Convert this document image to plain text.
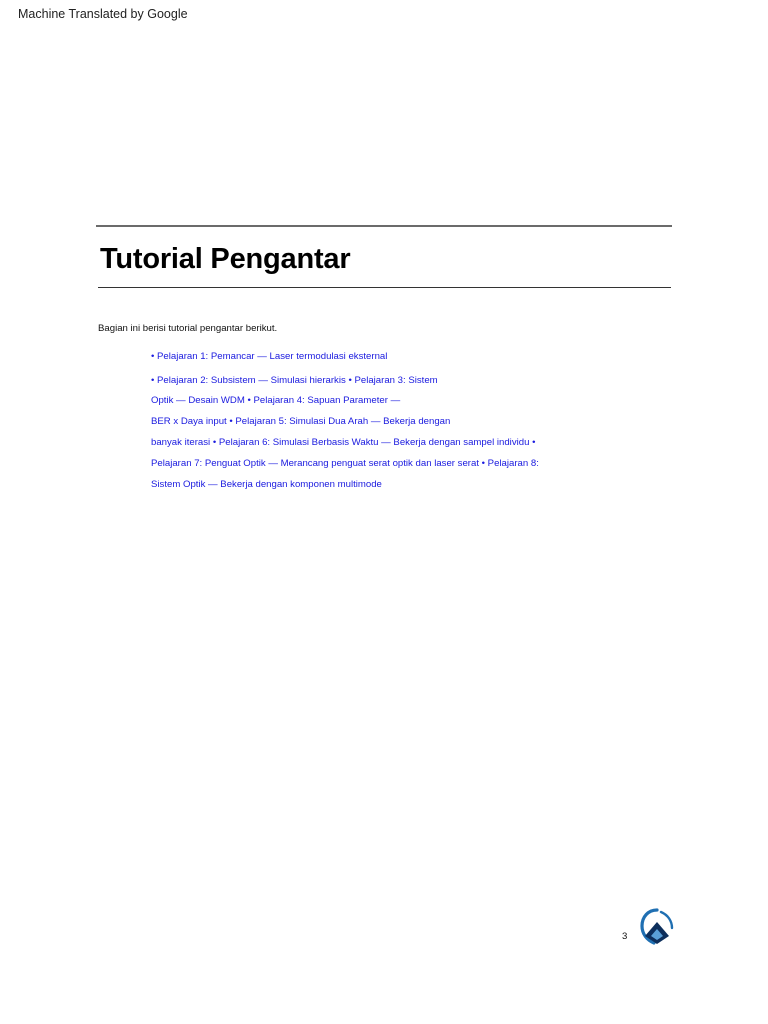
Machine Translated by Google
Tutorial Pengantar
Bagian ini berisi tutorial pengantar berikut.

• Pelajaran 1: Pemancar — Laser termodulasi eksternal

• Pelajaran 2: Subsistem — Simulasi hierarkis • Pelajaran 3: Sistem

Optik — Desain WDM • Pelajaran 4: Sapuan Parameter —

BER x Daya input • Pelajaran 5: Simulasi Dua Arah — Bekerja dengan

banyak iterasi • Pelajaran 6: Simulasi Berbasis Waktu — Bekerja dengan sampel individu •

Pelajaran 7: Penguat Optik — Merancang penguat serat optik dan laser serat • Pelajaran 8:

Sistem Optik — Bekerja dengan komponen multimode

3
